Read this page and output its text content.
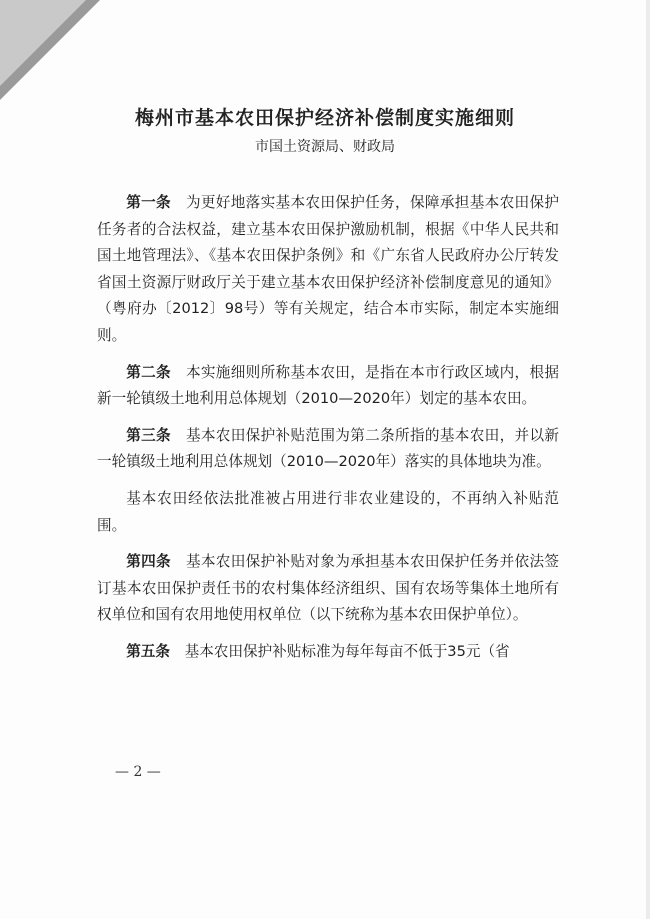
梅州市基本农田保护经济补偿制度实施细则
市国土资源局、财政局

第一条　 为更好地落实基本农田保护任务，保障承担基本农田保护任务者的合法权益，建立基本农田保护激励机制，根据《中华人民共和国土地管理法》、《基本农田保护条例》和《广东省人民政府办公厅转发省国土资源厅财政厅关于建立基本农田保护经济补偿制度意见的通知》（粤府办〔2012〕98号）等有关规定，结合本市实际，制定本实施细则。

第二条　 本实施细则所称基本农田，是指在本市行政区域内，根据新一轮镇级土地利用总体规划（2010—2020年）划定的基本农田。

第三条　 基本农田保护补贴范围为第二条所指的基本农田，并以新一轮镇级土地利用总体规划（2010—2020年）落实的具体地块为准。

基本农田经依法批准被占用进行非农业建设的，不再纳入补贴范围。

第四条　 基本农田保护补贴对象为承担基本农田保护任务并依法签订基本农田保护责任书的农村集体经济组织、国有农场等集体土地所有权单位和国有农用地使用权单位（以下统称为基本农田保护单位）。

第五条　 基本农田保护补贴标准为每年每亩不低于35元（省

— 2 —
